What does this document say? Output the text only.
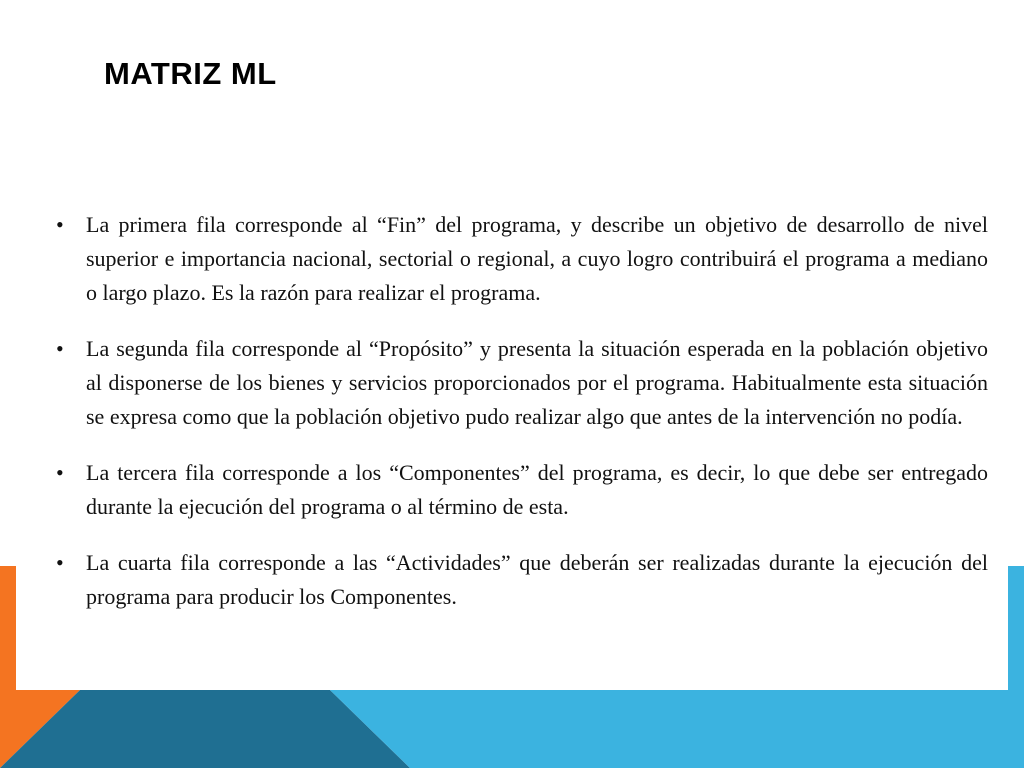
MATRIZ ML
• La primera fila corresponde al “Fin” del programa, y describe un objetivo de desarrollo de nivel superior e importancia nacional, sectorial o regional, a cuyo logro contribuirá el programa a mediano o largo plazo. Es la razón para realizar el programa.
• La segunda fila corresponde al “Propósito” y presenta la situación esperada en la población objetivo al disponerse de los bienes y servicios proporcionados por el programa. Habitualmente esta situación se expresa como que la población objetivo pudo realizar algo que antes de la intervención no podía.
• La tercera fila corresponde a los “Componentes” del programa, es decir, lo que debe ser entregado durante la ejecución del programa o al término de esta.
• La cuarta fila corresponde a las “Actividades” que deberán ser realizadas durante la ejecución del programa para producir los Componentes.
